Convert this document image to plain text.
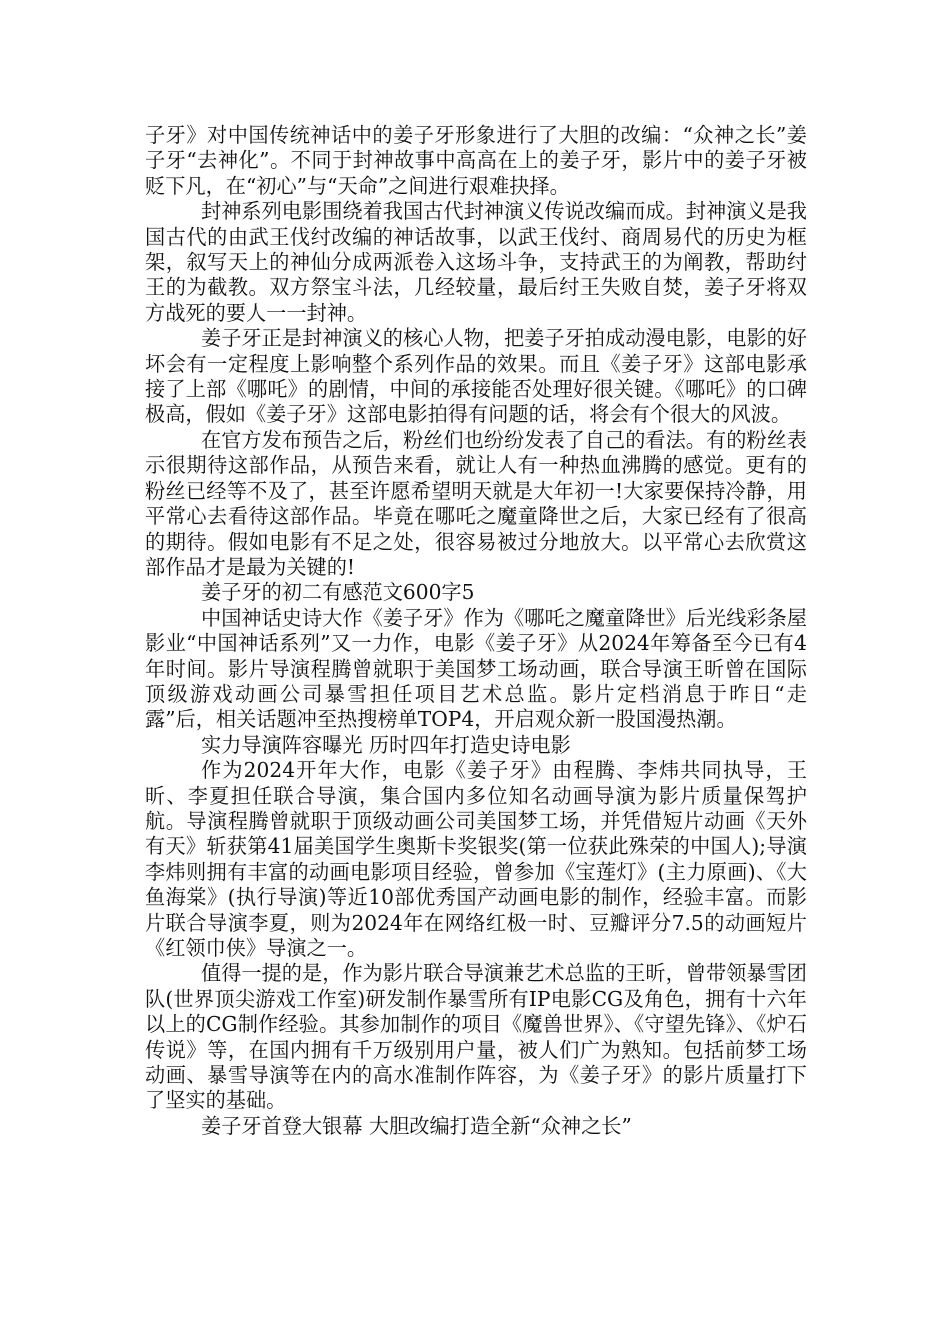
子牙》对中国传统神话中的姜子牙形象进行了大胆的改编：“众神之长”姜子牙“去神化”。不同于封神故事中高高在上的姜子牙，影片中的姜子牙被贬下凡，在“初心”与“天命”之间进行艰难抉择。

封神系列电影围绕着我国古代封神演义传说改编而成。封神演义是我国古代的由武王伐纣改编的神话故事，以武王伐纣、商周易代的历史为框架，叙写天上的神仙分成两派卷入这场斗争，支持武王的为阐教，帮助纣王的为截教。双方祭宝斗法，几经较量，最后纣王失败自焚，姜子牙将双方战死的要人一一封神。

姜子牙正是封神演义的核心人物，把姜子牙拍成动漫电影，电影的好坏会有一定程度上影响整个系列作品的效果。而且《姜子牙》这部电影承接了上部《哪吒》的剧情，中间的承接能否处理好很关键。《哪吒》的口碑极高，假如《姜子牙》这部电影拍得有问题的话，将会有个很大的风波。

在官方发布预告之后，粉丝们也纷纷发表了自己的看法。有的粉丝表示很期待这部作品，从预告来看，就让人有一种热血沸腾的感觉。更有的粉丝已经等不及了，甚至许愿希望明天就是大年初一!大家要保持冷静，用平常心去看待这部作品。毕竟在哪吒之魔童降世之后，大家已经有了很高的期待。假如电影有不足之处，很容易被过分地放大。以平常心去欣赏这部作品才是最为关键的!

姜子牙的初二有感范文600字5

中国神话史诗大作《姜子牙》作为《哪吒之魔童降世》后光线彩条屋影业“中国神话系列”又一力作，电影《姜子牙》从2024年筹备至今已有4年时间。影片导演程腾曾就职于美国梦工场动画，联合导演王昕曾在国际顶级游戏动画公司暴雪担任项目艺术总监。影片定档消息于昨日“走露”后，相关话题冲至热搜榜单TOP4，开启观众新一股国漫热潮。

实力导演阵容曝光 历时四年打造史诗电影

作为2024开年大作，电影《姜子牙》由程腾、李炜共同执导，王昕、李夏担任联合导演，集合国内多位知名动画导演为影片质量保驾护航。导演程腾曾就职于顶级动画公司美国梦工场，并凭借短片动画《天外有天》斩获第41届美国学生奥斯卡奖银奖(第一位获此殊荣的中国人);导演李炜则拥有丰富的动画电影项目经验，曾参加《宝莲灯》(主力原画)、《大鱼海棠》(执行导演)等近10部优秀国产动画电影的制作，经验丰富。而影片联合导演李夏，则为2024年在网络红极一时、豆瓣评分7.5的动画短片《红领巾侠》导演之一。

值得一提的是，作为影片联合导演兼艺术总监的王昕，曾带领暴雪团队(世界顶尖游戏工作室)研发制作暴雪所有IP电影CG及角色，拥有十六年以上的CG制作经验。其参加制作的项目《魔兽世界》、《守望先锋》、《炉石传说》等，在国内拥有千万级别用户量，被人们广为熟知。包括前梦工场动画、暴雪导演等在内的高水准制作阵容，为《姜子牙》的影片质量打下了坚实的基础。

姜子牙首登大银幕 大胆改编打造全新“众神之长”
